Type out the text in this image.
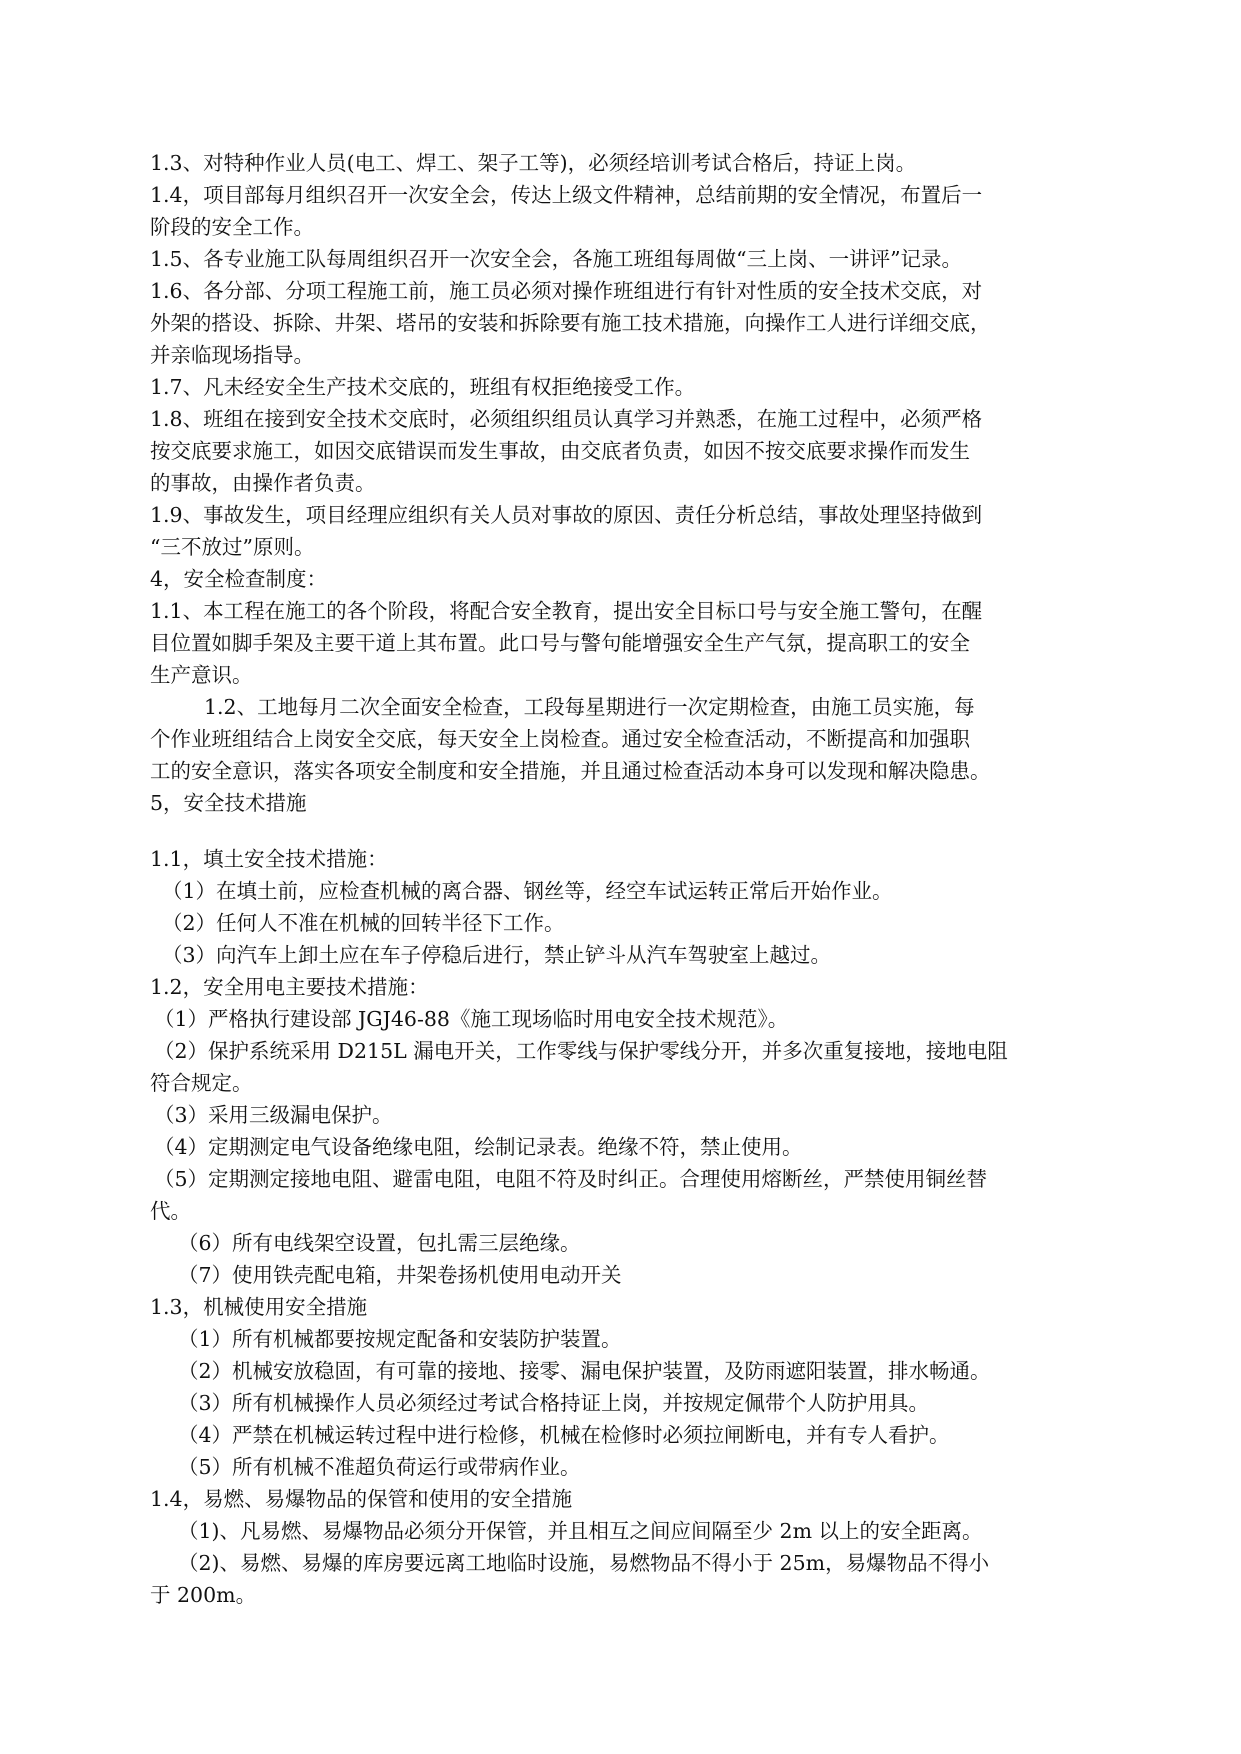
1.3、对特种作业人员(电工、焊工、架子工等)，必须经培训考试合格后，持证上岗。

1.4，项目部每月组织召开一次安全会，传达上级文件精神，总结前期的安全情况，布置后一

阶段的安全工作。

1.5、各专业施工队每周组织召开一次安全会，各施工班组每周做“三上岗、一讲评”记录。

1.6、各分部、分项工程施工前，施工员必须对操作班组进行有针对性质的安全技术交底，对

外架的搭设、拆除、井架、塔吊的安装和拆除要有施工技术措施，向操作工人进行详细交底，

并亲临现场指导。

1.7、凡未经安全生产技术交底的，班组有权拒绝接受工作。

1.8、班组在接到安全技术交底时，必须组织组员认真学习并熟悉，在施工过程中，必须严格

按交底要求施工，如因交底错误而发生事故，由交底者负责，如因不按交底要求操作而发生

的事故，由操作者负责。

1.9、事故发生，项目经理应组织有关人员对事故的原因、责任分析总结，事故处理坚持做到

“三不放过”原则。

4，安全检查制度：

1.1、本工程在施工的各个阶段，将配合安全教育，提出安全目标口号与安全施工警句，在醒

目位置如脚手架及主要干道上其布置。此口号与警句能增强安全生产气氛，提高职工的安全

生产意识。

1.2、工地每月二次全面安全检查，工段每星期进行一次定期检查，由施工员实施，每

个作业班组结合上岗安全交底，每天安全上岗检查。通过安全检查活动，不断提高和加强职

工的安全意识，落实各项安全制度和安全措施，并且通过检查活动本身可以发现和解决隐患。

5，安全技术措施

1.1，填土安全技术措施：

（1）在填土前，应检查机械的离合器、钢丝等，经空车试运转正常后开始作业。

（2）任何人不准在机械的回转半径下工作。

（3）向汽车上卸土应在车子停稳后进行，禁止铲斗从汽车驾驶室上越过。

1.2，安全用电主要技术措施：

（1）严格执行建设部 JGJ46-88《施工现场临时用电安全技术规范》。

（2）保护系统采用 D215L 漏电开关，工作零线与保护零线分开，并多次重复接地，接地电阻

符合规定。

（3）采用三级漏电保护。

（4）定期测定电气设备绝缘电阻，绘制记录表。绝缘不符，禁止使用。

（5）定期测定接地电阻、避雷电阻，电阻不符及时纠正。合理使用熔断丝，严禁使用铜丝替

代。

（6）所有电线架空设置，包扎需三层绝缘。

（7）使用铁壳配电箱，井架卷扬机使用电动开关

1.3，机械使用安全措施

（1）所有机械都要按规定配备和安装防护装置。

（2）机械安放稳固，有可靠的接地、接零、漏电保护装置，及防雨遮阳装置，排水畅通。

（3）所有机械操作人员必须经过考试合格持证上岗，并按规定佩带个人防护用具。

（4）严禁在机械运转过程中进行检修，机械在检修时必须拉闸断电，并有专人看护。

（5）所有机械不准超负荷运行或带病作业。

1.4，易燃、易爆物品的保管和使用的安全措施

（1)、凡易燃、易爆物品必须分开保管，并且相互之间应间隔至少 2m 以上的安全距离。

（2)、易燃、易爆的库房要远离工地临时设施，易燃物品不得小于 25m，易爆物品不得小

于 200m。
